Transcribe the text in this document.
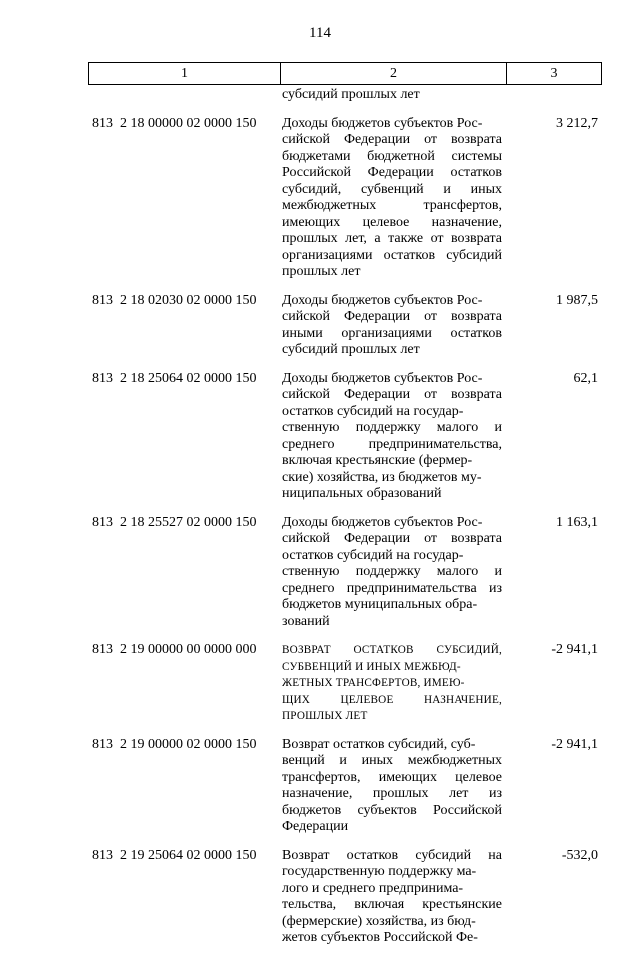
114
1	2	3
субсидий прошлых лет
813  2 18 00000 02 0000 150 Доходы бюджетов субъектов Рос-
сийской Федерации от возврата бюджетами бюджетной системы Российской Федерации остатков субсидий, субвенций и иных межбюджетных трансфертов, имеющих целевое назначение, прошлых лет, а также от возврата организациями остатков субсидий прошлых лет
3 212,7
813  2 18 02030 02 0000 150 Доходы бюджетов субъектов Рос-
сийской Федерации от возврата иными организациями остатков субсидий прошлых лет
1 987,5
813  2 18 25064 02 0000 150 Доходы бюджетов субъектов Рос-
сийской Федерации от возврата остатков субсидий на государ-
ственную поддержку малого и среднего предпринимательства, включая крестьянские (фермер-
ские) хозяйства, из бюджетов му-
ниципальных образований
62,1
813  2 18 25527 02 0000 150 Доходы бюджетов субъектов Рос-
сийской Федерации от возврата остатков субсидий на государ-
ственную поддержку малого и среднего предпринимательства из бюджетов муниципальных обра-
зований
1 163,1
813  2 19 00000 00 0000 000 ВОЗВРАТ ОСТАТКОВ СУБСИДИЙ, СУБВЕНЦИЙ И ИНЫХ МЕЖБЮД-
ЖЕТНЫХ ТРАНСФЕРТОВ, ИМЕЮ-
ЩИХ ЦЕЛЕВОЕ НАЗНАЧЕНИЕ, ПРОШЛЫХ ЛЕТ
-2 941,1
813  2 19 00000 02 0000 150 Возврат остатков субсидий, суб-
венций и иных межбюджетных трансфертов, имеющих целевое назначение, прошлых лет из бюджетов субъектов Российской Федерации
-2 941,1
813  2 19 25064 02 0000 150 Возврат остатков субсидий на государственную поддержку ма-
лого и среднего предпринима-
тельства, включая крестьянские (фермерские) хозяйства, из бюд-
жетов субъектов Российской Фе-
-532,0
